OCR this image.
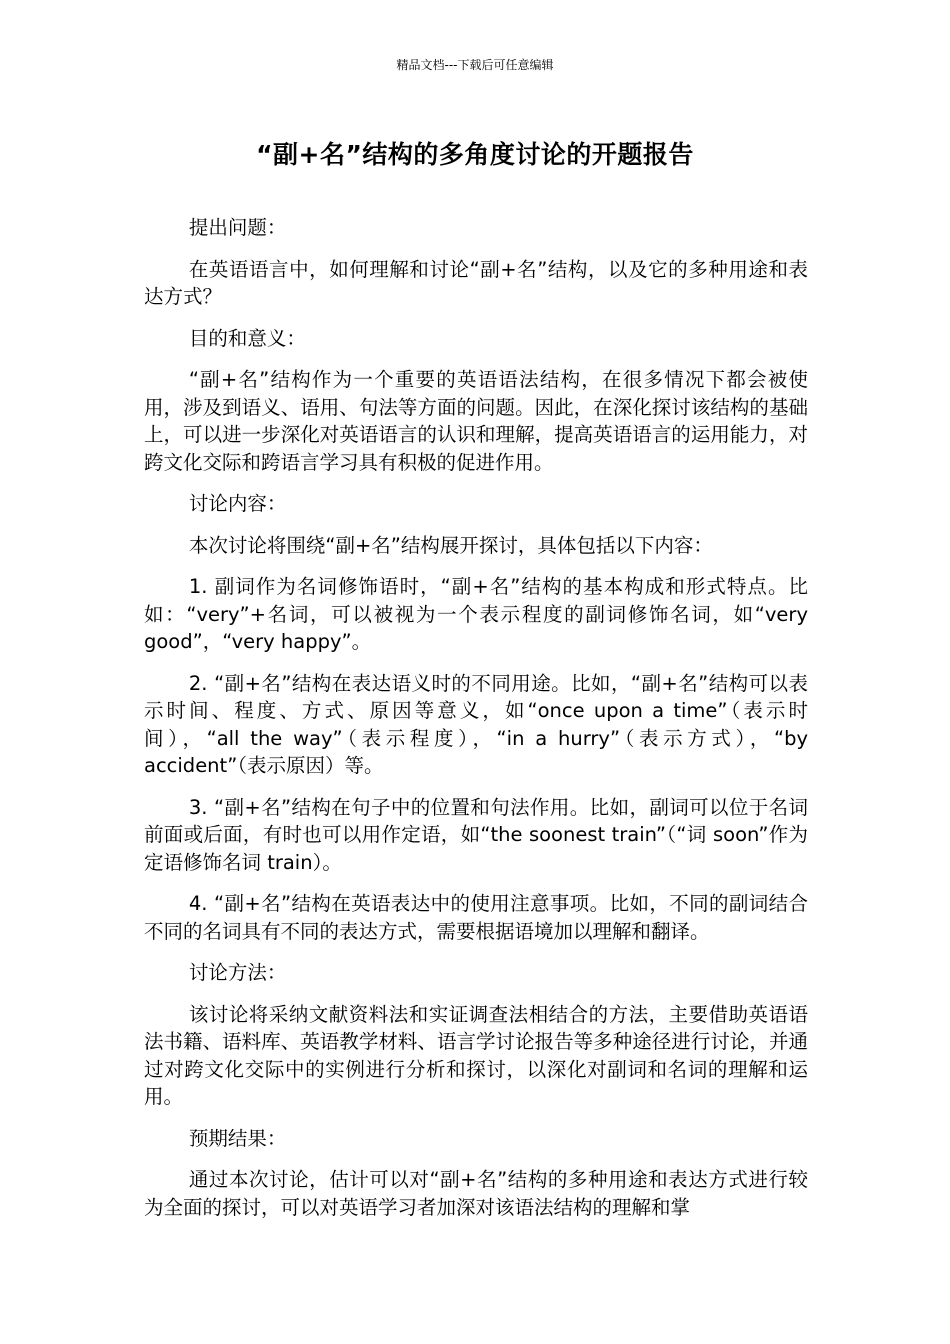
精品文档---下载后可任意编辑
“副+名”结构的多角度讨论的开题报告

提出问题：

在英语语言中，如何理解和讨论“副+名”结构，以及它的多种用途和表达方式？

目的和意义：

“副+名”结构作为一个重要的英语语法结构，在很多情况下都会被使用，涉及到语义、语用、句法等方面的问题。因此，在深化探讨该结构的基础上，可以进一步深化对英语语言的认识和理解，提高英语语言的运用能力，对跨文化交际和跨语言学习具有积极的促进作用。

讨论内容：

本次讨论将围绕“副+名”结构展开探讨，具体包括以下内容：

1. 副词作为名词修饰语时，“副+名”结构的基本构成和形式特点。比如：“very”+名词，可以被视为一个表示程度的副词修饰名词，如“very good”，“very happy”。

2. “副+名”结构在表达语义时的不同用途。比如，“副+名”结构可以表示时间、程度、方式、原因等意义，如“once upon a time”（表示时间），“all the way”（表示程度），“in a hurry”（表示方式），“by accident”（表示原因）等。

3. “副+名”结构在句子中的位置和句法作用。比如，副词可以位于名词前面或后面，有时也可以用作定语，如“the soonest train”（“词 soon”作为定语修饰名词 train）。

4. “副+名”结构在英语表达中的使用注意事项。比如，不同的副词结合不同的名词具有不同的表达方式，需要根据语境加以理解和翻译。

讨论方法：

该讨论将采纳文献资料法和实证调查法相结合的方法，主要借助英语语法书籍、语料库、英语教学材料、语言学讨论报告等多种途径进行讨论，并通过对跨文化交际中的实例进行分析和探讨，以深化对副词和名词的理解和运用。

预期结果：

通过本次讨论，估计可以对“副+名”结构的多种用途和表达方式进行较为全面的探讨，可以对英语学习者加深对该语法结构的理解和掌
